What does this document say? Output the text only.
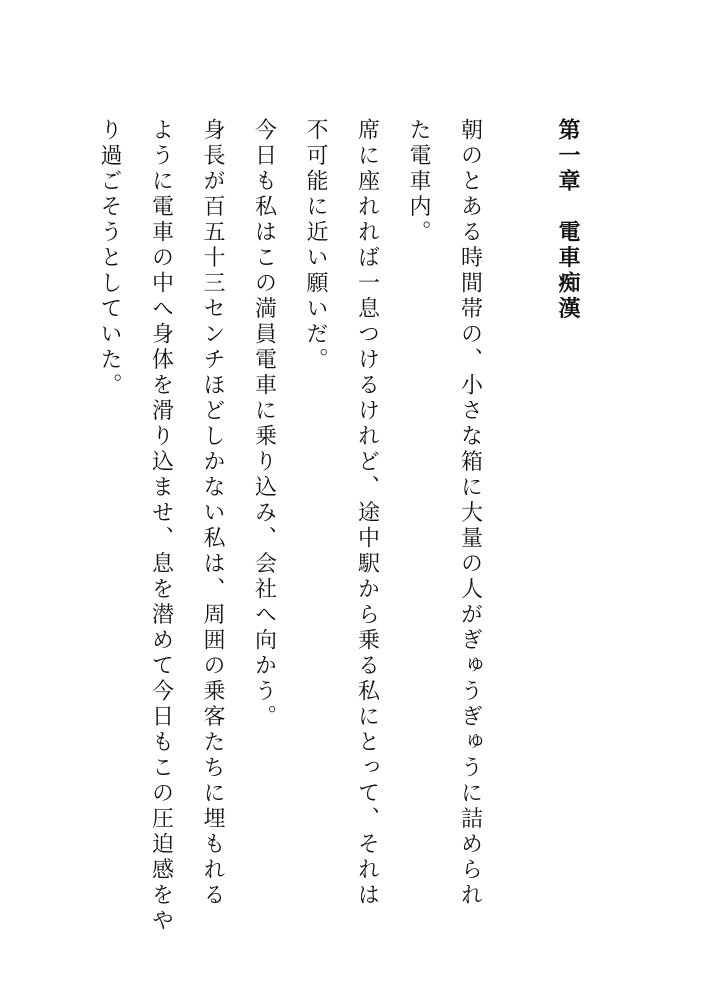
第一章　電車痴漢
朝のとある時間帯の、小さな箱に大量の人がぎゅうぎゅうに詰められ
た電車内。
席に座れれば一息つけるけれど、途中駅から乗る私にとって、それは
不可能に近い願いだ。
今日も私はこの満員電車に乗り込み、会社へ向かう。
身長が百五十三センチほどしかない私は、周囲の乗客たちに埋もれる
ように電車の中へ身体を滑り込ませ、息を潜めて今日もこの圧迫感をや
り過ごそうとしていた。
